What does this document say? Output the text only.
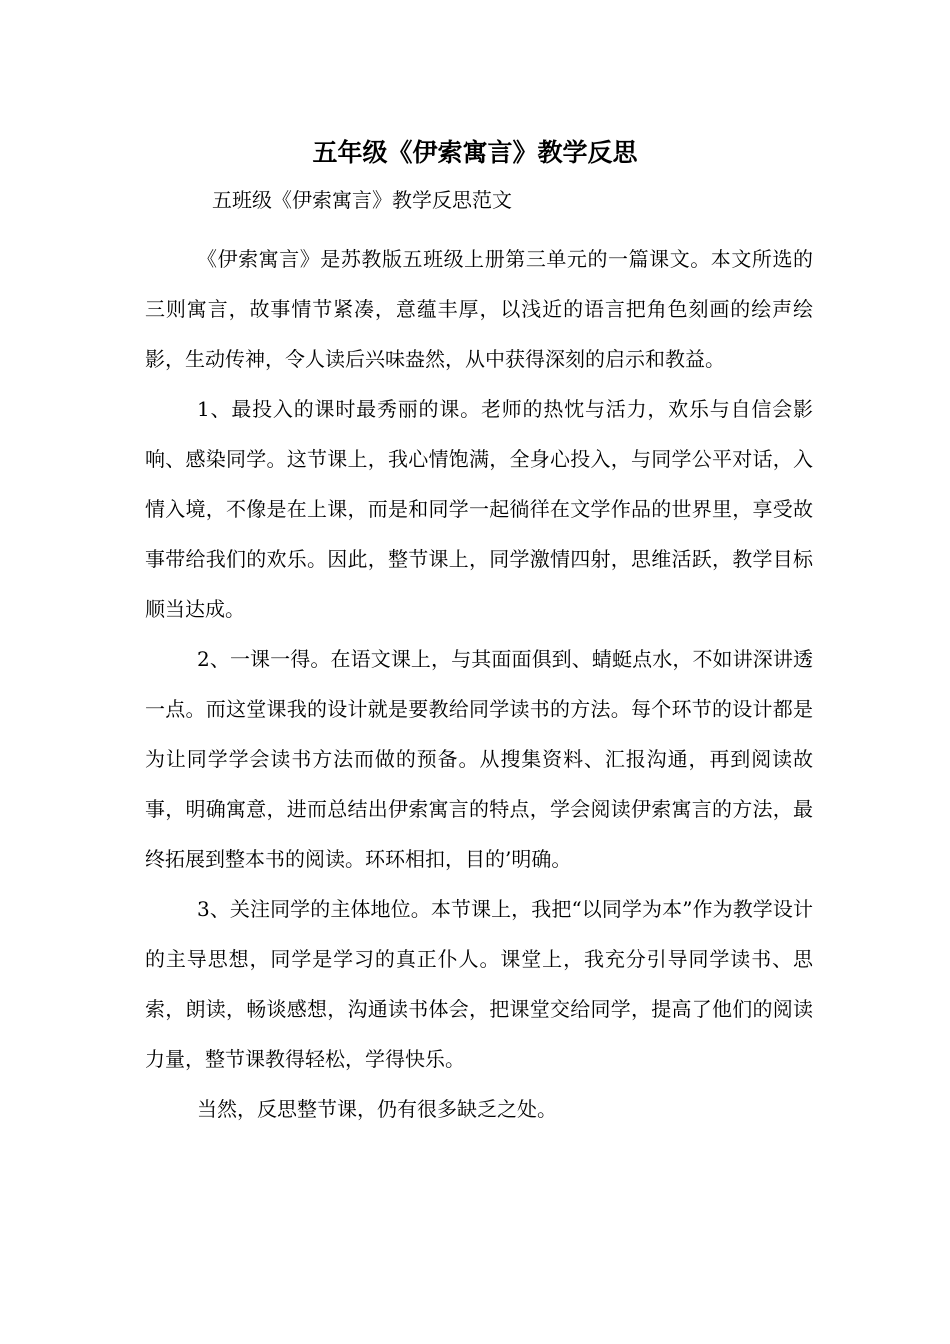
五年级《伊索寓言》教学反思
五班级《伊索寓言》教学反思范文

《伊索寓言》是苏教版五班级上册第三单元的一篇课文。本文所选的三则寓言，故事情节紧凑，意蕴丰厚，以浅近的语言把角色刻画的绘声绘影，生动传神，令人读后兴味盎然，从中获得深刻的启示和教益。

1、最投入的课时最秀丽的课。老师的热忱与活力，欢乐与自信会影响、感染同学。这节课上，我心情饱满，全身心投入，与同学公平对话，入情入境，不像是在上课，而是和同学一起徜徉在文学作品的世界里，享受故事带给我们的欢乐。因此，整节课上，同学激情四射，思维活跃，教学目标顺当达成。

2、一课一得。在语文课上，与其面面俱到、蜻蜓点水，不如讲深讲透一点。而这堂课我的设计就是要教给同学读书的方法。每个环节的设计都是为让同学学会读书方法而做的预备。从搜集资料、汇报沟通，再到阅读故事，明确寓意，进而总结出伊索寓言的特点，学会阅读伊索寓言的方法，最终拓展到整本书的阅读。环环相扣，目的’明确。

3、关注同学的主体地位。本节课上，我把“以同学为本”作为教学设计的主导思想，同学是学习的真正仆人。课堂上，我充分引导同学读书、思索，朗读，畅谈感想，沟通读书体会，把课堂交给同学，提高了他们的阅读力量，整节课教得轻松，学得快乐。

当然，反思整节课，仍有很多缺乏之处。
